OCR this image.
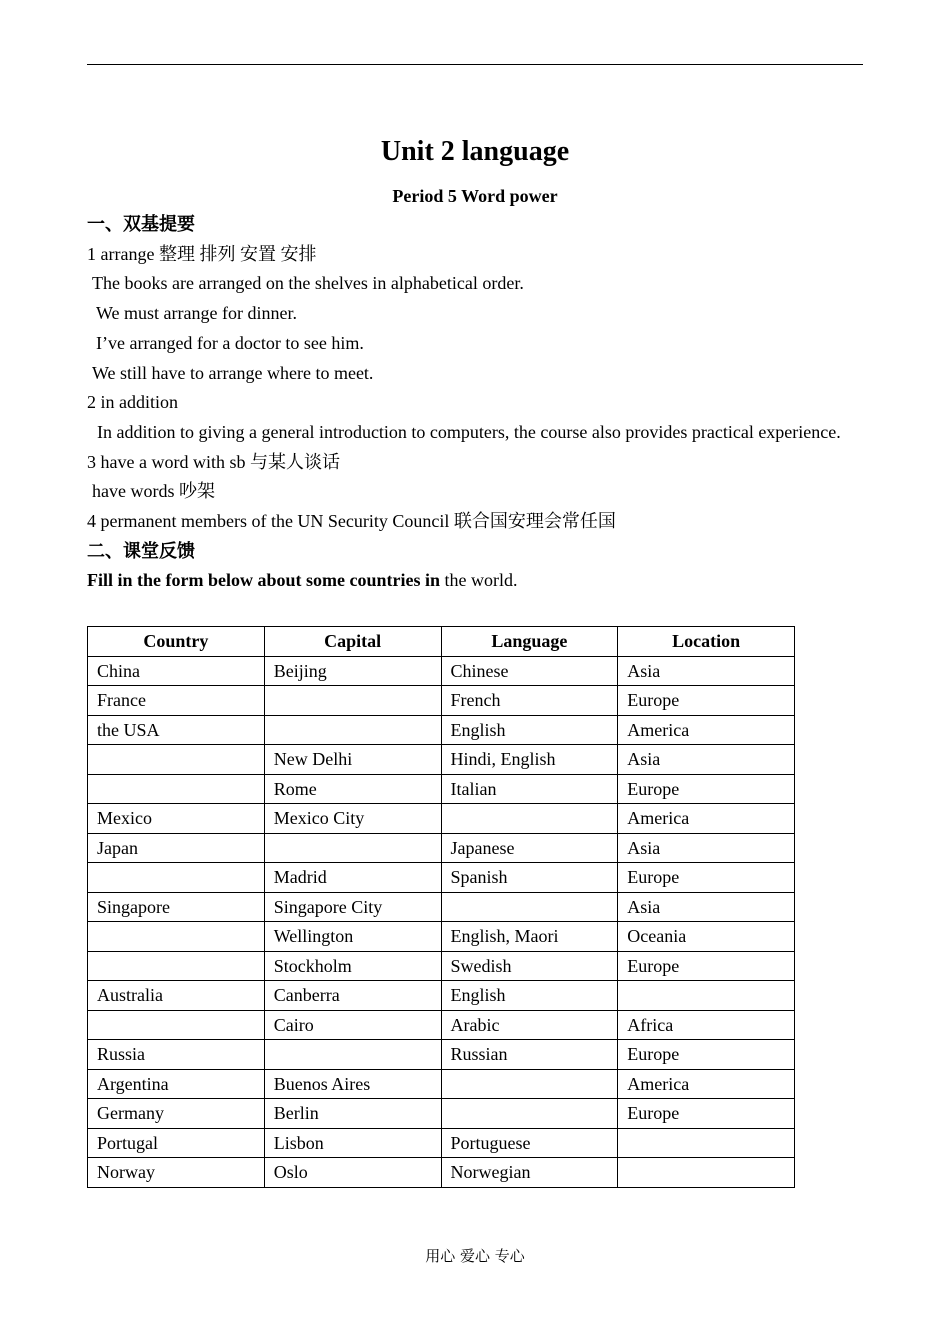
Unit 2 language
Period 5 Word power

一、双基提要

1 arrange 整理 排列 安置 安排

The books are arranged on the shelves in alphabetical order.

We must arrange for dinner.

I’ve arranged for a doctor to see him.

We still have to arrange where to meet.

2 in addition

In addition to giving a general introduction to computers, the course also provides practical experience.

3 have a word with sb 与某人谈话

have words 吵架

4 permanent members of the UN Security Council 联合国安理会常任国

二、课堂反馈

Fill in the form below about some countries in the world.

Country	Capital	Language	Location
China	Beijing	Chinese	Asia
France		French	Europe
the USA		English	America
	New Delhi	Hindi, English	Asia
	Rome	Italian	Europe
Mexico	Mexico City		America
Japan		Japanese	Asia
	Madrid	Spanish	Europe
Singapore	Singapore City		Asia
	Wellington	English, Maori	Oceania
	Stockholm	Swedish	Europe
Australia	Canberra	English	
	Cairo	Arabic	Africa
Russia		Russian	Europe
Argentina	Buenos Aires		America
Germany	Berlin		Europe
Portugal	Lisbon	Portuguese	
Norway	Oslo	Norwegian	
用心 爱心 专心
